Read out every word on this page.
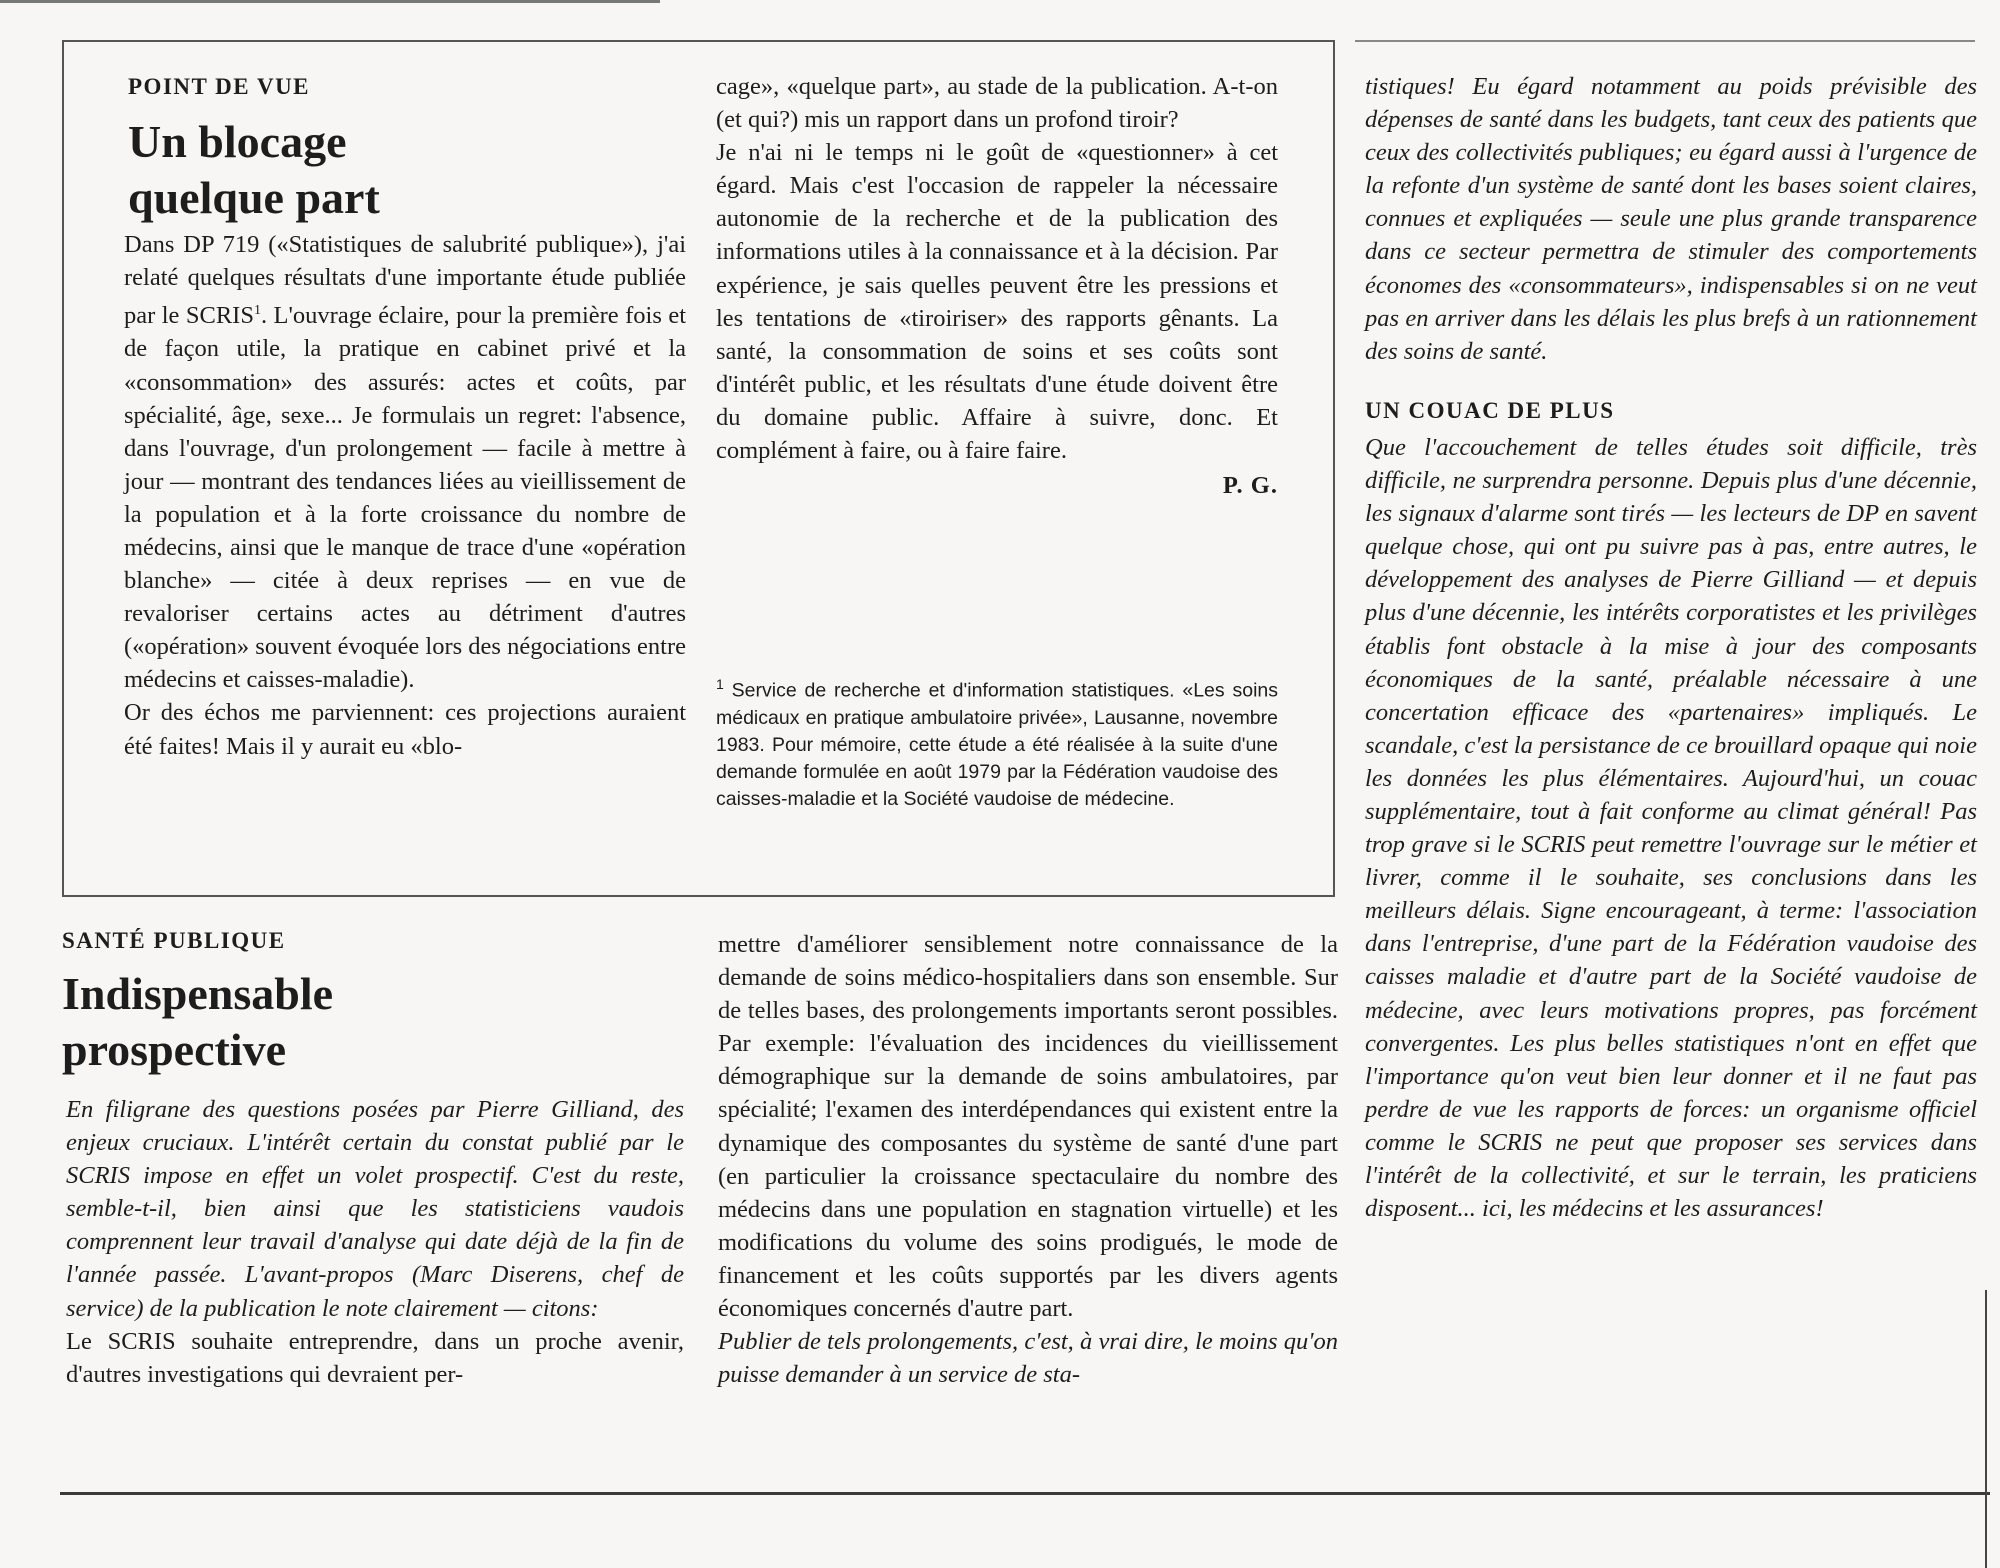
POINT DE VUE
Un blocage
quelque part

Dans DP 719 («Statistiques de salubrité publique»), j'ai relaté quelques résultats d'une importante étude publiée par le SCRIS$^1$. L'ouvrage éclaire, pour la première fois et de façon utile, la pratique en cabinet privé et la «consommation» des assurés: actes et coûts, par spécialité, âge, sexe... Je formulais un regret: l'absence, dans l'ouvrage, d'un prolongement — facile à mettre à jour — montrant des tendances liées au vieillissement de la population et à la forte croissance du nombre de médecins, ainsi que le manque de trace d'une «opération blanche» — citée à deux reprises — en vue de revaloriser certains actes au détriment d'autres («opération» souvent évoquée lors des négociations entre médecins et caisses-maladie).

Or des échos me parviennent: ces projections auraient été faites! Mais il y aurait eu «blo-

cage», «quelque part», au stade de la publication. A-t-on (et qui?) mis un rapport dans un profond tiroir?

Je n'ai ni le temps ni le goût de «questionner» à cet égard. Mais c'est l'occasion de rappeler la nécessaire autonomie de la recherche et de la publication des informations utiles à la connaissance et à la décision. Par expérience, je sais quelles peuvent être les pressions et les tentations de «tiroiriser» des rapports gênants. La santé, la consommation de soins et ses coûts sont d'intérêt public, et les résultats d'une étude doivent être du domaine public. Affaire à suivre, donc. Et complément à faire, ou à faire faire.

P. G.

$^1$ Service de recherche et d'information statistiques. «Les soins médicaux en pratique ambulatoire privée», Lausanne, novembre 1983. Pour mémoire, cette étude a été réalisée à la suite d'une demande formulée en août 1979 par la Fédération vaudoise des caisses-maladie et la Société vaudoise de médecine.

SANTÉ PUBLIQUE
Indispensable
prospective

En filigrane des questions posées par Pierre Gilliand, des enjeux cruciaux. L'intérêt certain du constat publié par le SCRIS impose en effet un volet prospectif. C'est du reste, semble-t-il, bien ainsi que les statisticiens vaudois comprennent leur travail d'analyse qui date déjà de la fin de l'année passée. L'avant-propos (Marc Diserens, chef de service) de la publication le note clairement — citons:

Le SCRIS souhaite entreprendre, dans un proche avenir, d'autres investigations qui devraient per-

mettre d'améliorer sensiblement notre connaissance de la demande de soins médico-hospitaliers dans son ensemble. Sur de telles bases, des prolongements importants seront possibles. Par exemple: l'évaluation des incidences du vieillissement démographique sur la demande de soins ambulatoires, par spécialité; l'examen des interdépendances qui existent entre la dynamique des composantes du système de santé d'une part (en particulier la croissance spectaculaire du nombre des médecins dans une population en stagnation virtuelle) et les modifications du volume des soins prodigués, le mode de financement et les coûts supportés par les divers agents économiques concernés d'autre part.

Publier de tels prolongements, c'est, à vrai dire, le moins qu'on puisse demander à un service de sta-

tistiques! Eu égard notamment au poids prévisible des dépenses de santé dans les budgets, tant ceux des patients que ceux des collectivités publiques; eu égard aussi à l'urgence de la refonte d'un système de santé dont les bases soient claires, connues et expliquées — seule une plus grande transparence dans ce secteur permettra de stimuler des comportements économes des «consommateurs», indispensables si on ne veut pas en arriver dans les délais les plus brefs à un rationnement des soins de santé.

UN COUAC DE PLUS

Que l'accouchement de telles études soit difficile, très difficile, ne surprendra personne. Depuis plus d'une décennie, les signaux d'alarme sont tirés — les lecteurs de DP en savent quelque chose, qui ont pu suivre pas à pas, entre autres, le développement des analyses de Pierre Gilliand — et depuis plus d'une décennie, les intérêts corporatistes et les privilèges établis font obstacle à la mise à jour des composants économiques de la santé, préalable nécessaire à une concertation efficace des «partenaires» impliqués. Le scandale, c'est la persistance de ce brouillard opaque qui noie les données les plus élémentaires. Aujourd'hui, un couac supplémentaire, tout à fait conforme au climat général! Pas trop grave si le SCRIS peut remettre l'ouvrage sur le métier et livrer, comme il le souhaite, ses conclusions dans les meilleurs délais. Signe encourageant, à terme: l'association dans l'entreprise, d'une part de la Fédération vaudoise des caisses maladie et d'autre part de la Société vaudoise de médecine, avec leurs motivations propres, pas forcément convergentes. Les plus belles statistiques n'ont en effet que l'importance qu'on veut bien leur donner et il ne faut pas perdre de vue les rapports de forces: un organisme officiel comme le SCRIS ne peut que proposer ses services dans l'intérêt de la collectivité, et sur le terrain, les praticiens disposent... ici, les médecins et les assurances!
